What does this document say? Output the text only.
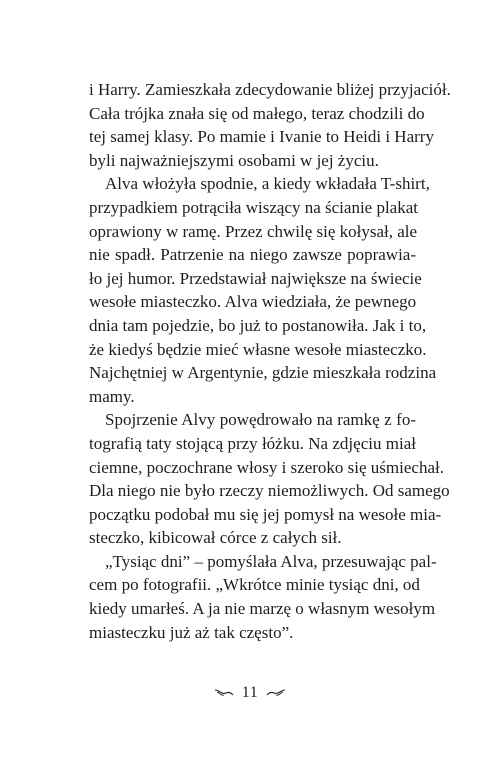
i Harry. Zamieszkała zdecydowanie bliżej przyjaciół.
Cała trójka znała się od małego, teraz chodzili do
tej samej klasy. Po mamie i Ivanie to Heidi i Harry
byli najważniejszymi osobami w jej życiu.
Alva włożyła spodnie, a kiedy wkładała T-shirt,
przypadkiem potrąciła wiszący na ścianie plakat
oprawiony w ramę. Przez chwilę się kołysał, ale
nie spadł. Patrzenie na niego zawsze poprawia-
ło jej humor. Przedstawiał największe na świecie
wesołe miasteczko. Alva wiedziała, że pewnego
dnia tam pojedzie, bo już to postanowiła. Jak i to,
że kiedyś będzie mieć własne wesołe miasteczko.
Najchętniej w Argentynie, gdzie mieszkała rodzina
mamy.
Spojrzenie Alvy powędrowało na ramkę z fo-
tografią taty stojącą przy łóżku. Na zdjęciu miał
ciemne, poczochrane włosy i szeroko się uśmiechał.
Dla niego nie było rzeczy niemożliwych. Od samego
początku podobał mu się jej pomysł na wesołe mia-
steczko, kibicował córce z całych sił.
„Tysiąc dni” – pomyślała Alva, przesuwając pal-
cem po fotografii. „Wkrótce minie tysiąc dni, od
kiedy umarłeś. A ja nie marzę o własnym wesołym
miasteczku już aż tak często”.
11
